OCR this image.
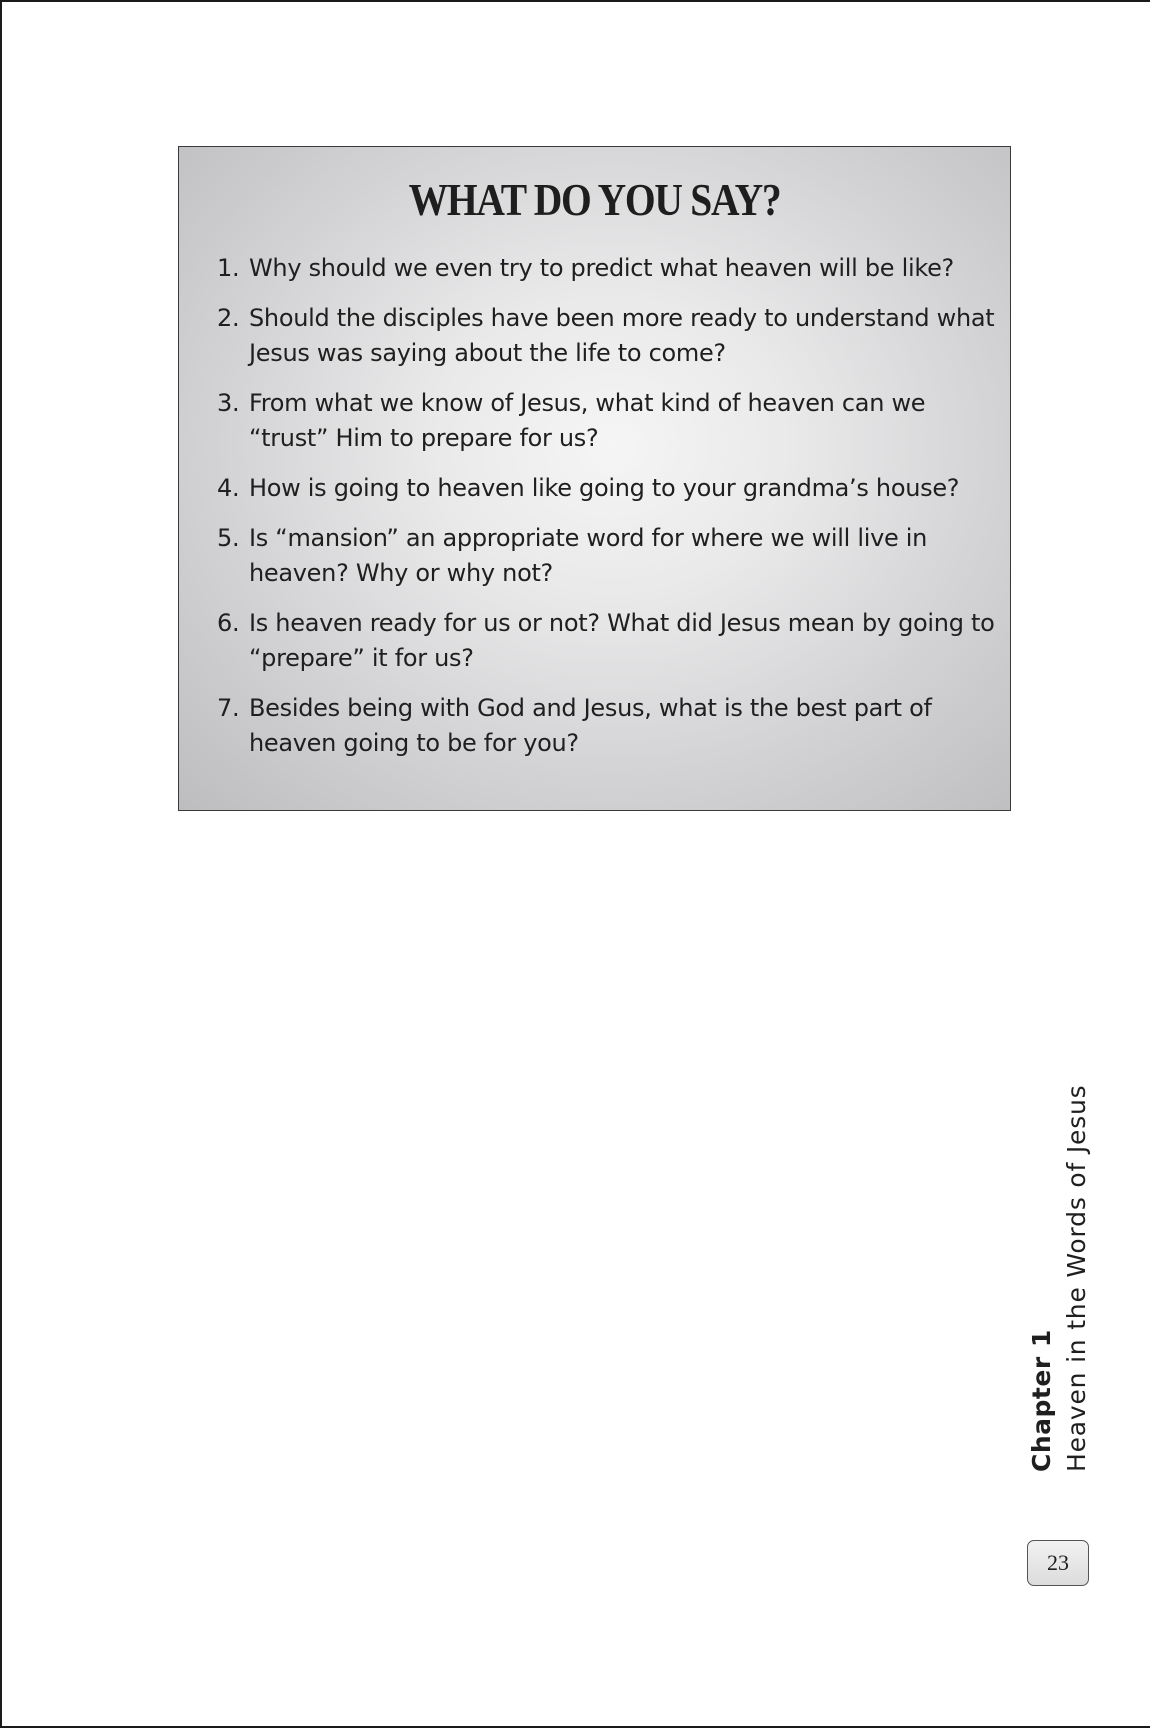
WHAT DO YOU SAY?
1. Why should we even try to predict what heaven will be like?
2. Should the disciples have been more ready to understand what Jesus was saying about the life to come?
3. From what we know of Jesus, what kind of heaven can we “trust” Him to prepare for us?
4. How is going to heaven like going to your grandma’s house?
5. Is “mansion” an appropriate word for where we will live in heaven? Why or why not?
6. Is heaven ready for us or not? What did Jesus mean by going to “prepare” it for us?
7. Besides being with God and Jesus, what is the best part of heaven going to be for you?
Chapter 1 Heaven in the Words of Jesus
23
